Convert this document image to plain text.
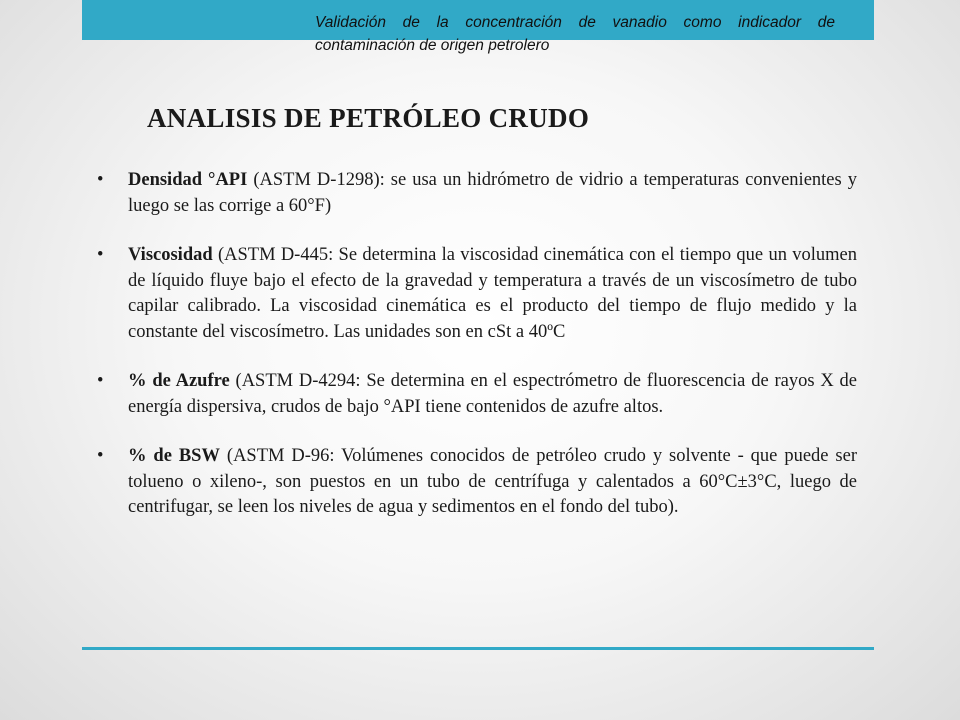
Validación de la concentración de vanadio como indicador de contaminación de origen petrolero

ANALISIS DE PETRÓLEO CRUDO
• Densidad °API (ASTM D-1298): se usa un hidrómetro de vidrio a temperaturas convenientes y luego se las corrige a 60°F)
• Viscosidad (ASTM D-445: Se determina la viscosidad cinemática con el tiempo que un volumen de líquido fluye bajo el efecto de la gravedad y temperatura a través de un viscosímetro de tubo capilar calibrado. La viscosidad cinemática es el producto del tiempo de flujo medido y la constante del viscosímetro. Las unidades son en cSt a 40ºC
• % de Azufre (ASTM D-4294: Se determina en el espectrómetro de fluorescencia de rayos X de energía dispersiva, crudos de bajo °API tiene contenidos de azufre altos.
• % de BSW (ASTM D-96: Volúmenes conocidos de petróleo crudo y solvente - que puede ser tolueno o xileno-, son puestos en un tubo de centrífuga y calentados a 60°C±3°C, luego de centrifugar, se leen los niveles de agua y sedimentos en el fondo del tubo).
